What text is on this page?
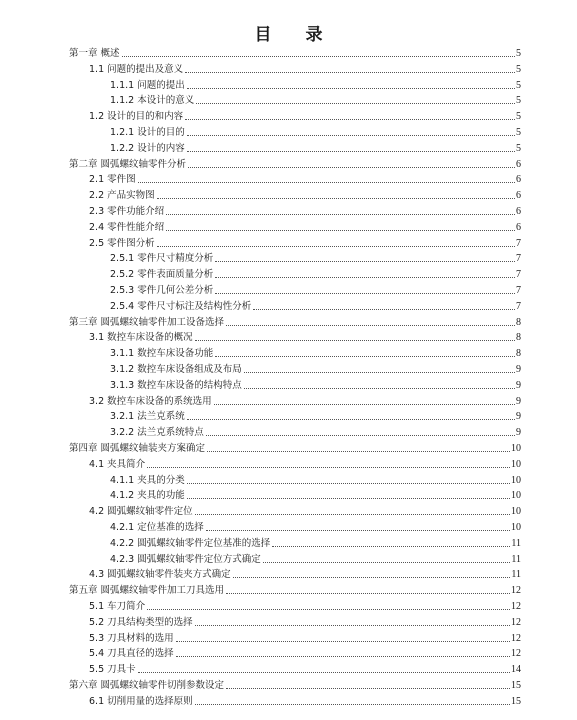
目 录
第一章 概述	5
1.1 问题的提出及意义	5
1.1.1 问题的提出	5
1.1.2 本设计的意义	5
1.2 设计的目的和内容	5
1.2.1 设计的目的	5
1.2.2 设计的内容	5
第二章 圆弧螺纹轴零件分析	6
2.1 零件图	6
2.2 产品实物图	6
2.3 零件功能介绍	6
2.4 零件性能介绍	6
2.5 零件图分析	7
2.5.1 零件尺寸精度分析	7
2.5.2 零件表面质量分析	7
2.5.3 零件几何公差分析	7
2.5.4 零件尺寸标注及结构性分析	7
第三章 圆弧螺纹轴零件加工设备选择	8
3.1 数控车床设备的概况	8
3.1.1 数控车床设备功能	8
3.1.2 数控车床设备组成及布局	9
3.1.3 数控车床设备的结构特点	9
3.2 数控车床设备的系统选用	9
3.2.1 法兰克系统	9
3.2.2 法兰克系统特点	9
第四章 圆弧螺纹轴装夹方案确定	10
4.1 夹具简介	10
4.1.1 夹具的分类	10
4.1.2 夹具的功能	10
4.2 圆弧螺纹轴零件定位	10
4.2.1 定位基准的选择	10
4.2.2 圆弧螺纹轴零件定位基准的选择	11
4.2.3 圆弧螺纹轴零件定位方式确定	11
4.3 圆弧螺纹轴零件装夹方式确定	11
第五章 圆弧螺纹轴零件加工刀具选用	12
5.1 车刀简介	12
5.2 刀具结构类型的选择	12
5.3 刀具材料的选用	12
5.4 刀具直径的选择	12
5.5 刀具卡	14
第六章 圆弧螺纹轴零件切削参数设定	15
6.1 切削用量的选择原则	15
